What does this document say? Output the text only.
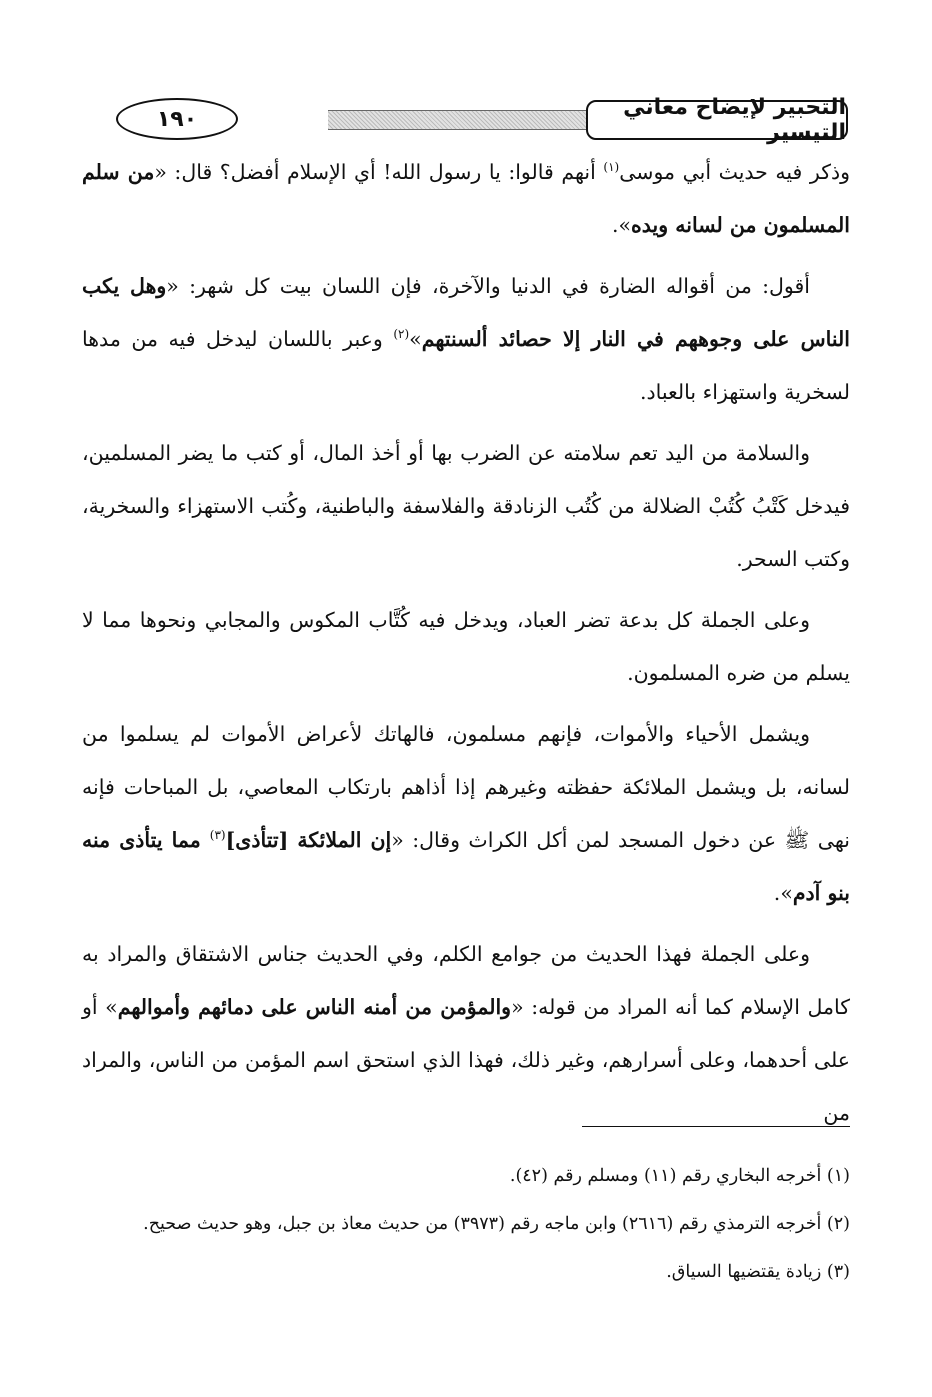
١٩٠	التحبير لإيضاح معاني التيسير

وذكر فيه حديث أبي موسى$^{(١)}$ أنهم قالوا: يا رسول الله! أي الإسلام أفضل؟ قال: «من سلم المسلمون من لسانه ويده».

أقول: من أقواله الضارة في الدنيا والآخرة، فإن اللسان بيت كل شهر: «وهل يكب الناس على وجوههم في النار إلا حصائد ألسنتهم»$^{(٢)}$ وعبر باللسان ليدخل فيه من مدها لسخرية واستهزاء بالعباد.

والسلامة من اليد تعم سلامته عن الضرب بها أو أخذ المال، أو كتب ما يضر المسلمين، فيدخل كَتْبُ كُتُبْ الضلالة من كُتُب الزنادقة والفلاسفة والباطنية، وكُتب الاستهزاء والسخرية، وكتب السحر.

وعلى الجملة كل بدعة تضر العباد، ويدخل فيه كُتَّاب المكوس والمجابي ونحوها مما لا يسلم من ضره المسلمون.

ويشمل الأحياء والأموات، فإنهم مسلمون، فالهاتك لأعراض الأموات لم يسلموا من لسانه، بل ويشمل الملائكة حفظته وغيرهم إذا أذاهم بارتكاب المعاصي، بل المباحات فإنه نهى ﷺ عن دخول المسجد لمن أكل الكراث وقال: «إن الملائكة [تتأذى]$^{(٣)}$ مما يتأذى منه بنو آدم».

وعلى الجملة فهذا الحديث من جوامع الكلم، وفي الحديث جناس الاشتقاق والمراد به كامل الإسلام كما أنه المراد من قوله: «والمؤمن من أمنه الناس على دمائهم وأموالهم» أو على أحدهما، وعلى أسرارهم، وغير ذلك، فهذا الذي استحق اسم المؤمن من الناس، والمراد من

(١) أخرجه البخاري رقم (١١) ومسلم رقم (٤٢).

(٢) أخرجه الترمذي رقم (٢٦١٦) وابن ماجه رقم (٣٩٧٣) من حديث معاذ بن جبل، وهو حديث صحيح.

(٣) زيادة يقتضيها السياق.
